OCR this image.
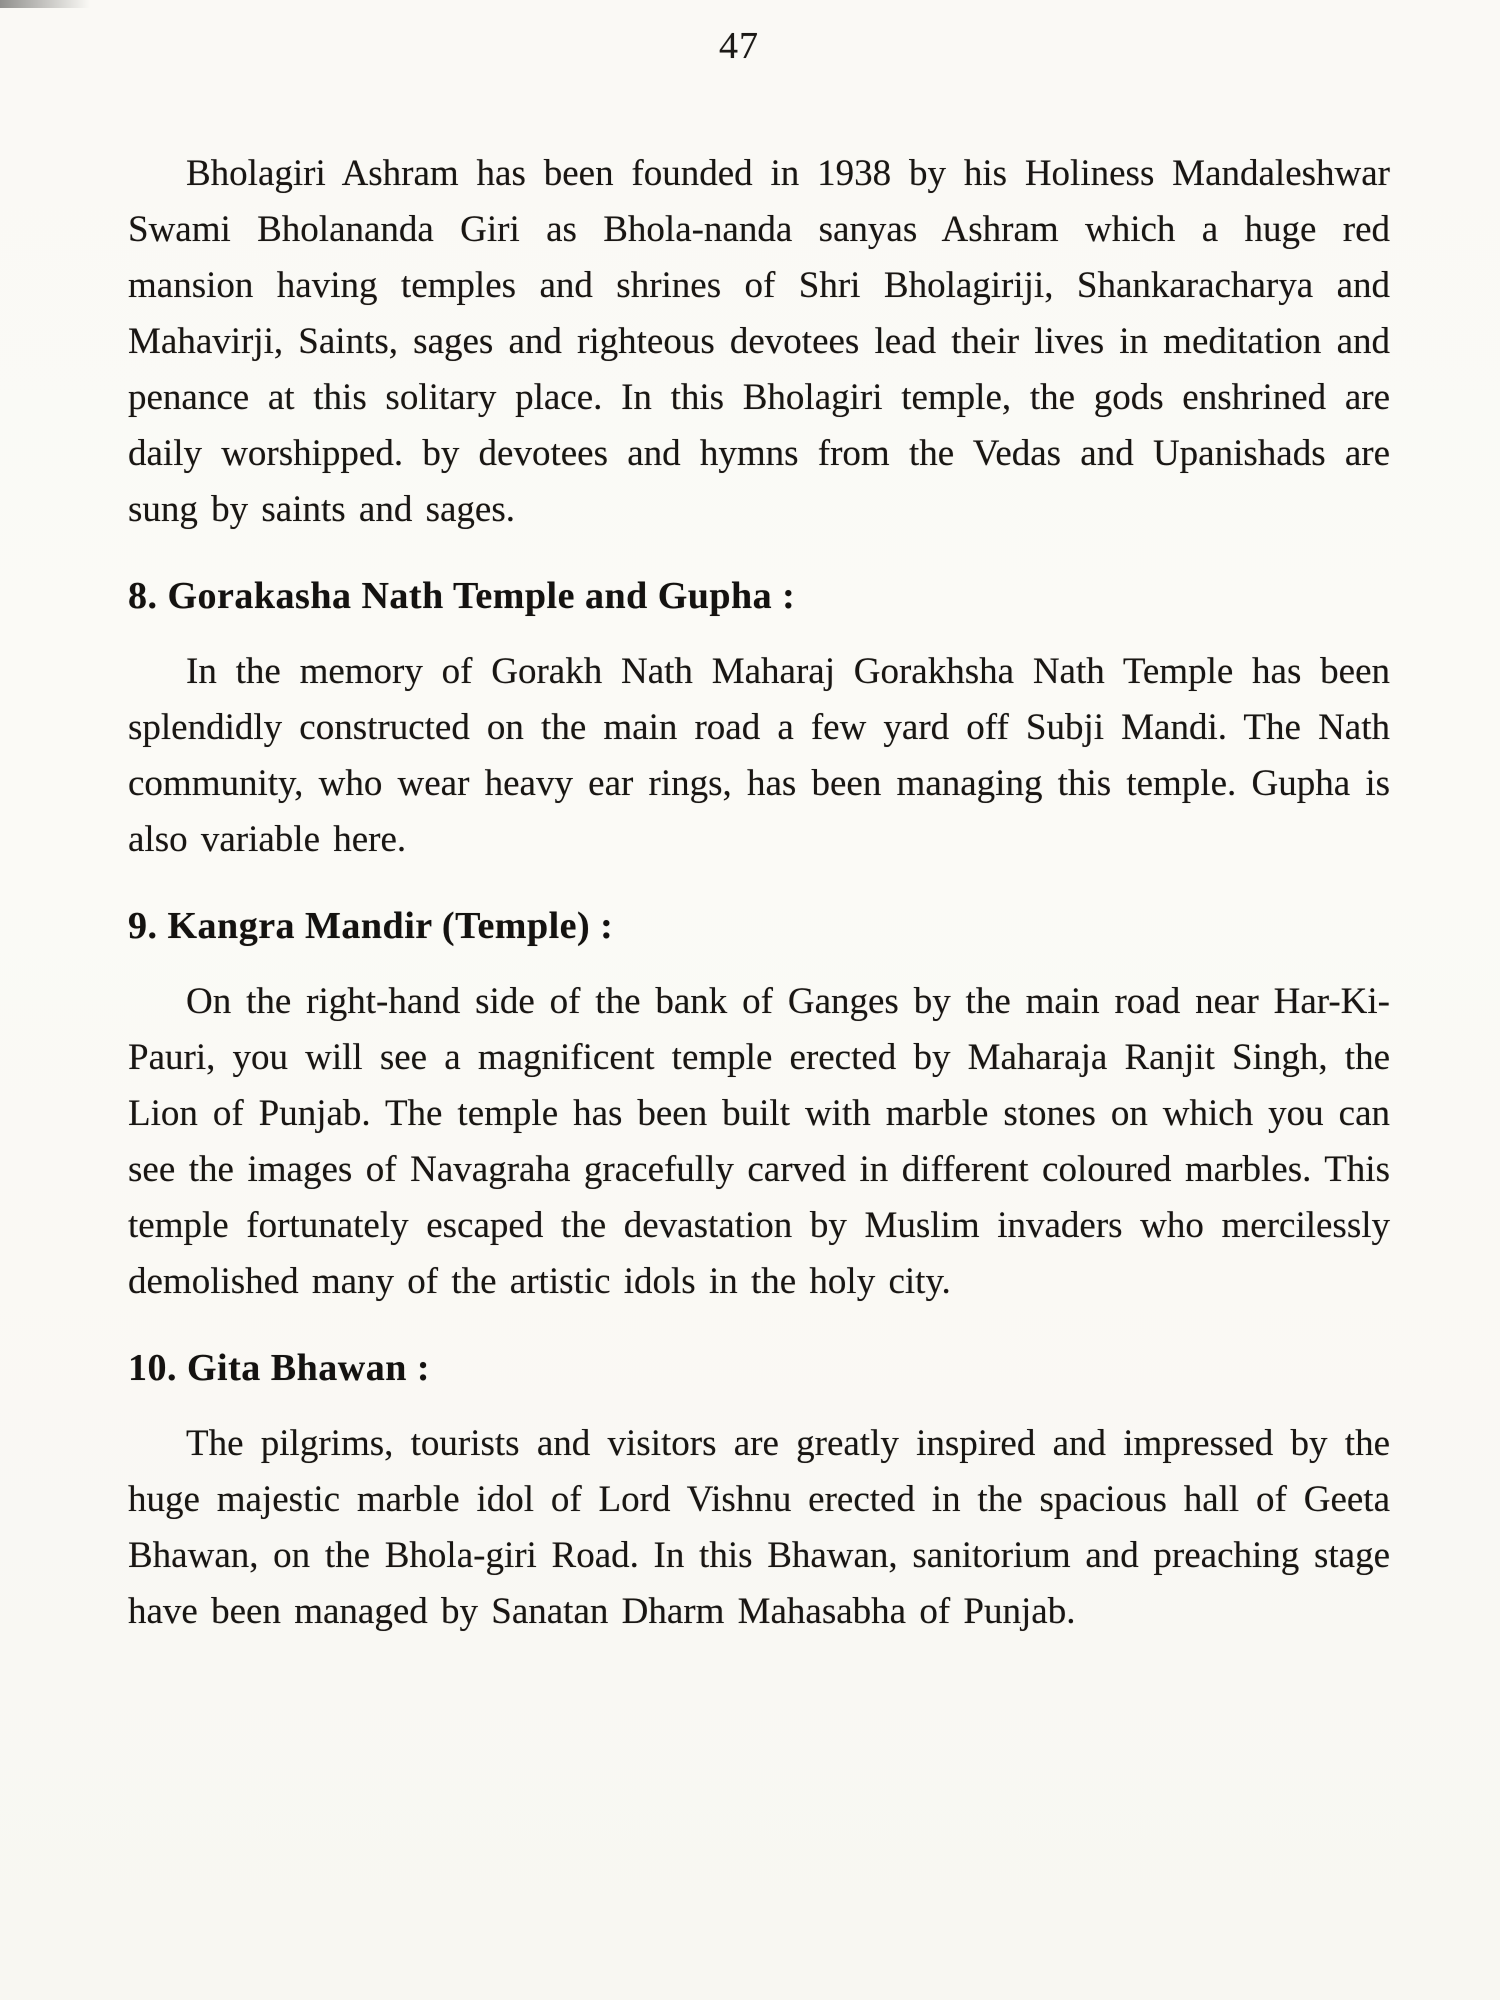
47

Bholagiri Ashram has been founded in 1938 by his Holiness Mandaleshwar Swami Bholananda Giri as Bhola-nanda sanyas Ashram which a huge red mansion having temples and shrines of Shri Bholagiriji, Shankaracharya and Mahavirji, Saints, sages and righteous devotees lead their lives in meditation and penance at this solitary place. In this Bholagiri temple, the gods enshrined are daily worshipped. by devotees and hymns from the Vedas and Upanishads are sung by saints and sages.

8. Gorakasha Nath Temple and Gupha :

In the memory of Gorakh Nath Maharaj Gorakhsha Nath Temple has been splendidly constructed on the main road a few yard off Subji Mandi. The Nath community, who wear heavy ear rings, has been managing this temple. Gupha is also variable here.

9. Kangra Mandir (Temple) :

On the right-hand side of the bank of Ganges by the main road near Har-Ki-Pauri, you will see a magnificent temple erected by Maharaja Ranjit Singh, the Lion of Punjab. The temple has been built with marble stones on which you can see the images of Navagraha gracefully carved in different coloured marbles. This temple fortunately escaped the devastation by Muslim invaders who mercilessly demolished many of the artistic idols in the holy city.

10. Gita Bhawan :

The pilgrims, tourists and visitors are greatly inspired and impressed by the huge majestic marble idol of Lord Vishnu erected in the spacious hall of Geeta Bhawan, on the Bhola-giri Road. In this Bhawan, sanitorium and preaching stage have been managed by Sanatan Dharm Mahasabha of Punjab.
